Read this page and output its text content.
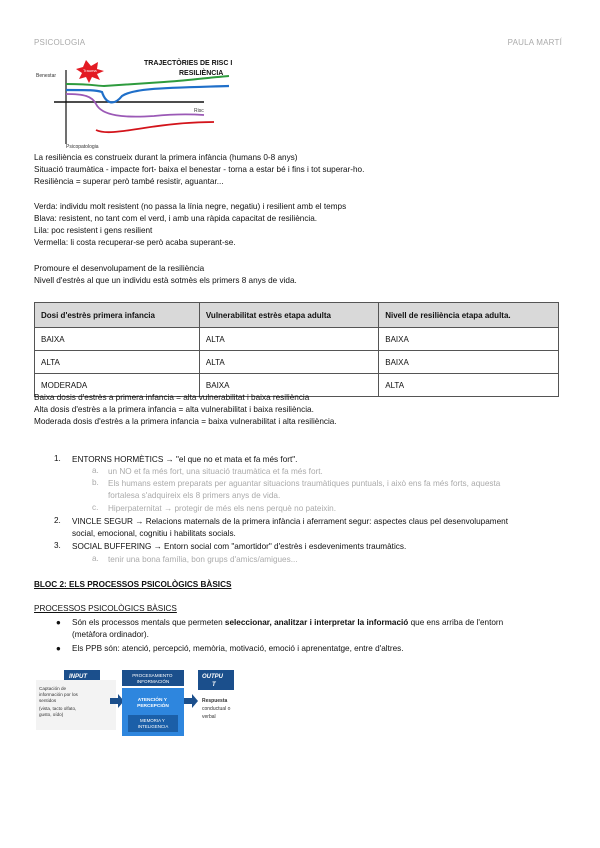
PSICOLOGIA	PAULA MARTÍ
TRAJECTÒRIES DE RISC I
RESILIÈNCIA
Benestar
Psicopatologia
Risc
Trauma
La resiliència es construeix durant la primera infància (humans 0-8 anys)
Situació traumàtica - impacte fort- baixa el benestar - torna a estar bé i fins i tot superar-ho.
Resiliència = superar però també resistir, aguantar...
Verda: individu molt resistent (no passa la línia negre, negatiu) i resilient amb el temps
Blava: resistent, no tant com el verd, i amb una ràpida capacitat de resiliència.
Lila: poc resistent i gens resilient
Vermella: li costa recuperar-se però acaba superant-se.
Promoure el desenvolupament de la resiliència
Nivell d'estrès al que un individu està sotmès els primers 8 anys de vida.
Dosi d'estrès primera infancia	Vulnerabilitat estrès etapa adulta	Nivell de resiliència etapa adulta.
BAIXA	ALTA	BAIXA
ALTA	ALTA	BAIXA
MODERADA	BAIXA	ALTA
Baixa dosis d'estrès a primera infancia = alta vulnerabilitat i baixa resiliència
Alta dosis d'estrès a la primera infancia = alta vulnerabilitat i baixa resiliència.
Moderada dosis d'estrès a la primera infancia = baixa vulnerabilitat i alta resiliència.
1. ENTORNS HORMÈTICS → "el que no et mata et fa més fort".
a. un NO et fa més fort, una situació traumàtica et fa més fort.
b. Els humans estem preparats per aguantar situacions traumàtiques puntuals, i això ens fa més forts, aquesta
fortalesa s'adquireix els 8 primers anys de vida.
c. Hiperpaternitat → protegir de més els nens perquè no pateixin.
2. VINCLE SEGUR → Relacions maternals de la primera infància i aferrament segur: aspectes claus pel desenvolupament
social, emocional, cognitiu i habilitats socials.
3. SOCIAL BUFFERING → Entorn social com "amortidor" d'estrès i esdeveniments traumàtics.
a. tenir una bona família, bon grups d'amics/amigues...
BLOC 2: ELS PROCESSOS PSICOLÒGICS BÀSICS
PROCESSOS PSICOLÒGICS BÀSICS
● Són els processos mentals que permeten seleccionar, analitzar i interpretar la informació que ens arriba de l'entorn
(metàfora ordinador).
● Els PPB són: atenció, percepció, memòria, motivació, emoció i aprenentatge, entre d'altres.
INPUT
Captación de información por los sentidos (vista, tacto olfato, gusto, oído)
PROCESAMIENTO INFORMACIÓN
ATENCIÓN Y PERCEPCIÓN
MEMORIA Y INTELIGENCIA
OUTPU T
Respuesta conductual o verbal
